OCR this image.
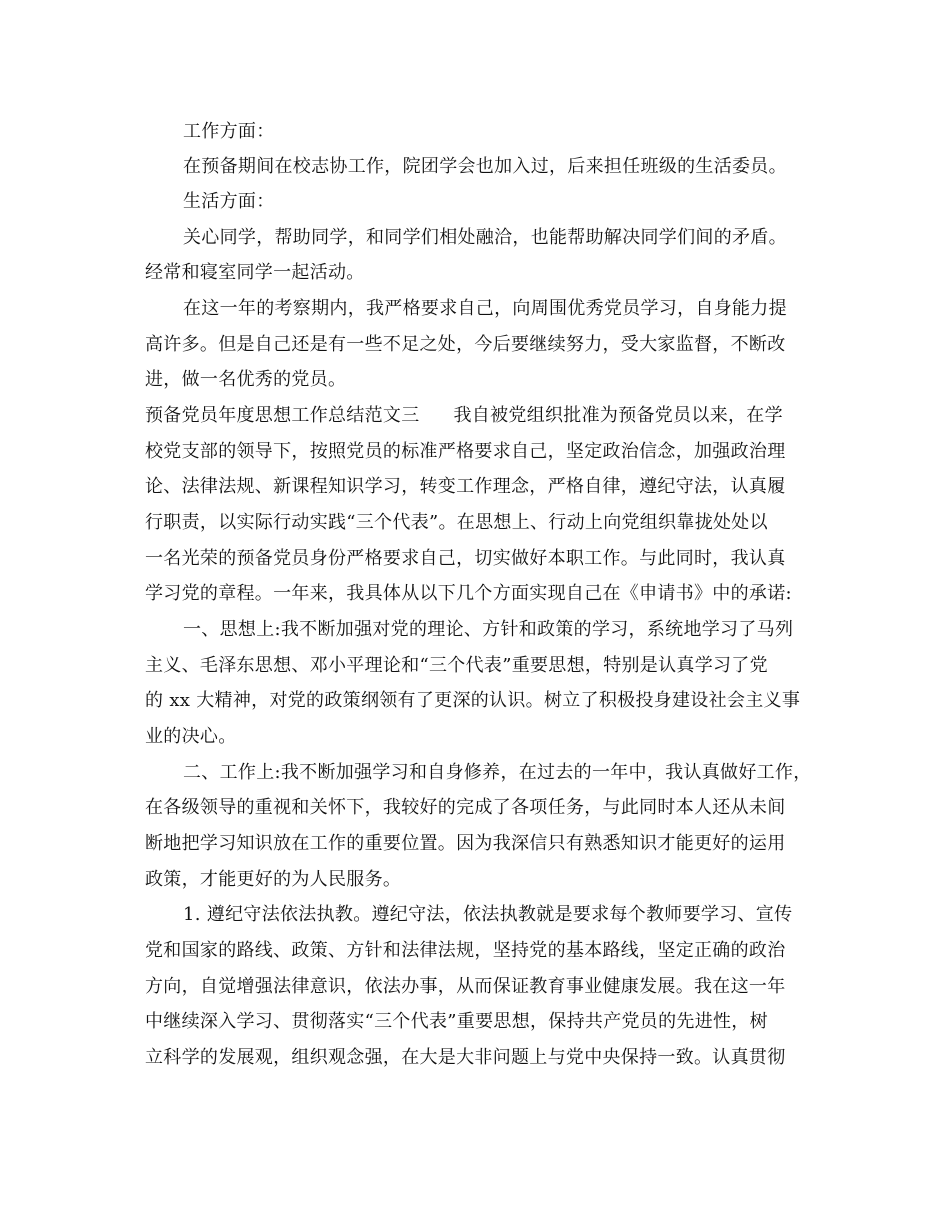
工作方面：
在预备期间在校志协工作，院团学会也加入过，后来担任班级的生活委员。
生活方面：
关心同学，帮助同学，和同学们相处融洽，也能帮助解决同学们间的矛盾。
经常和寝室同学一起活动。
在这一年的考察期内，我严格要求自己，向周围优秀党员学习，自身能力提
高许多。但是自己还是有一些不足之处，今后要继续努力，受大家监督，不断改
进，做一名优秀的党员。
预备党员年度思想工作总结范文三 我自被党组织批准为预备党员以来，在学
校党支部的领导下，按照党员的标准严格要求自己，坚定政治信念，加强政治理
论、法律法规、新课程知识学习，转变工作理念，严格自律，遵纪守法，认真履
行职责，以实际行动实践“三个代表”。在思想上、行动上向党组织靠拢处处以
一名光荣的预备党员身份严格要求自己，切实做好本职工作。与此同时，我认真
学习党的章程。一年来，我具体从以下几个方面实现自己在《申请书》中的承诺:
一、思想上:我不断加强对党的理论、方针和政策的学习，系统地学习了马列
主义、毛泽东思想、邓小平理论和“三个代表”重要思想，特别是认真学习了党
的 xx 大精神，对党的政策纲领有了更深的认识。树立了积极投身建设社会主义事
业的决心。
二、工作上:我不断加强学习和自身修养，在过去的一年中，我认真做好工作，
在各级领导的重视和关怀下，我较好的完成了各项任务，与此同时本人还从未间
断地把学习知识放在工作的重要位置。因为我深信只有熟悉知识才能更好的运用
政策，才能更好的为人民服务。
1. 遵纪守法依法执教。遵纪守法，依法执教就是要求每个教师要学习、宣传
党和国家的路线、政策、方针和法律法规，坚持党的基本路线，坚定正确的政治
方向，自觉增强法律意识，依法办事，从而保证教育事业健康发展。我在这一年
中继续深入学习、贯彻落实“三个代表”重要思想，保持共产党员的先进性，树
立科学的发展观，组织观念强，在大是大非问题上与党中央保持一致。认真贯彻
